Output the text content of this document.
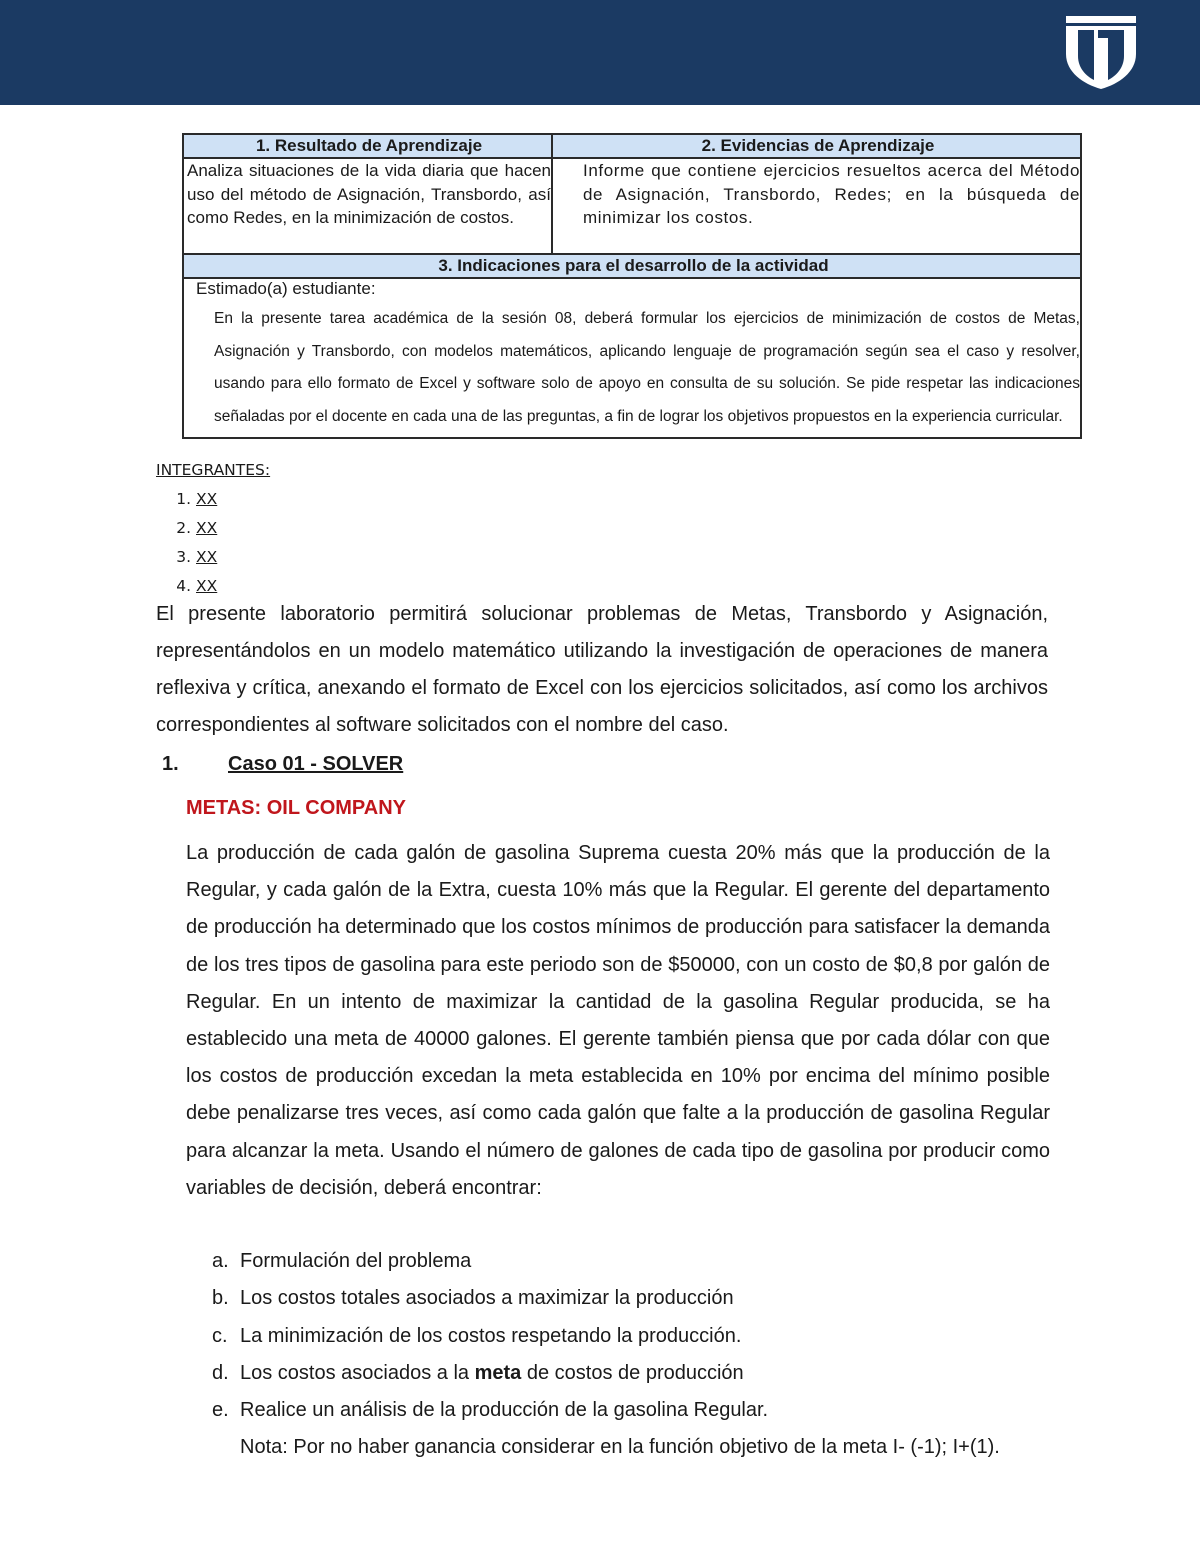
1. Resultado de Aprendizaje	2. Evidencias de Aprendizaje
Analiza situaciones de la vida diaria que hacen uso del método de Asignación, Transbordo, así como Redes, en la minimización de costos.	Informe que contiene ejercicios resueltos acerca del Método de Asignación, Transbordo, Redes; en la búsqueda de minimizar los costos.
3. Indicaciones para el desarrollo de la actividad	

Estimado(a) estudiante:
En la presente tarea académica de la sesión 08, deberá formular los ejercicios de minimización de costos de Metas, Asignación y Transbordo, con modelos matemáticos, aplicando lenguaje de programación según sea el caso y resolver, usando para ello formato de Excel y software solo de apoyo en consulta de su solución. Se pide respetar las indicaciones señaladas por el docente en cada una de las preguntas, a fin de lograr los objetivos propuestos en la experiencia curricular.	

INTEGRANTES:

1. XX
2. XX
3. XX
4. XX

El presente laboratorio permitirá solucionar problemas de Metas, Transbordo y Asignación, representándolos en un modelo matemático utilizando la investigación de operaciones de manera reflexiva y crítica, anexando el formato de Excel con los ejercicios solicitados, así como los archivos correspondientes al software solicitados con el nombre del caso.

1. Caso 01 - SOLVER
METAS: OIL COMPANY

La producción de cada galón de gasolina Suprema cuesta 20% más que la producción de la Regular, y cada galón de la Extra, cuesta 10% más que la Regular. El gerente del departamento de producción ha determinado que los costos mínimos de producción para satisfacer la demanda de los tres tipos de gasolina para este periodo son de $50000, con un costo de $0,8 por galón de Regular. En un intento de maximizar la cantidad de la gasolina Regular producida, se ha establecido una meta de 40000 galones. El gerente también piensa que por cada dólar con que los costos de producción excedan la meta establecida en 10% por encima del mínimo posible debe penalizarse tres veces, así como cada galón que falte a la producción de gasolina Regular para alcanzar la meta. Usando el número de galones de cada tipo de gasolina por producir como variables de decisión, deberá encontrar:

a. Formulación del problema
b. Los costos totales asociados a maximizar la producción
c. La minimización de los costos respetando la producción.
d. Los costos asociados a la meta de costos de producción
e. Realice un análisis de la producción de la gasolina Regular.
Nota: Por no haber ganancia considerar en la función objetivo de la meta I- (-1); I+(1).
